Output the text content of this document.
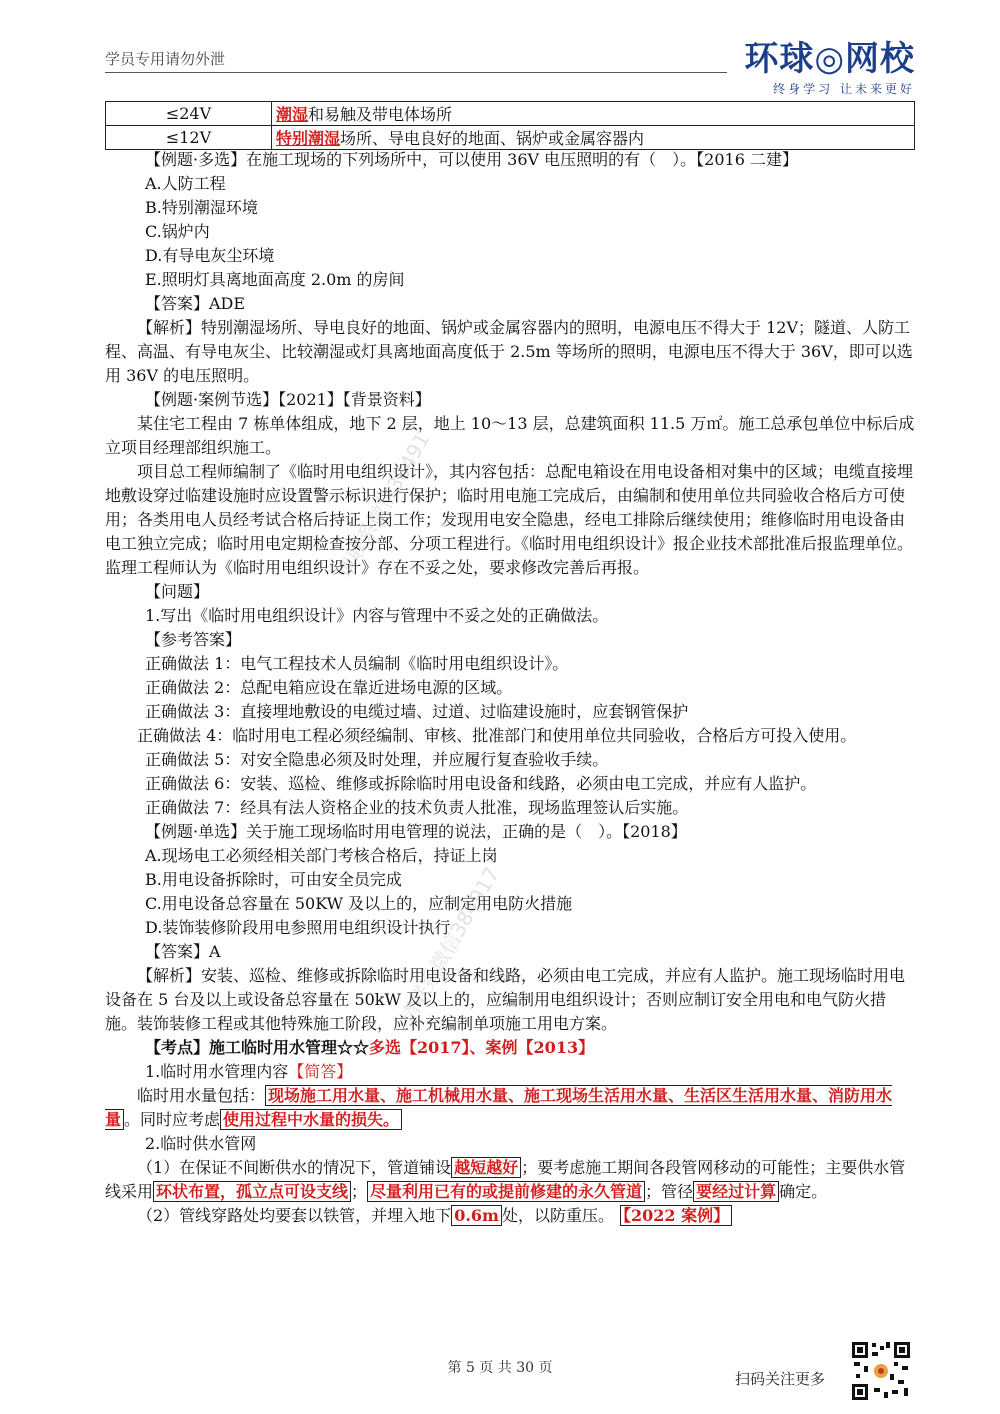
学员专用请勿外泄	环球◎网校
终身学习 让未来更好
≤24V	潮湿和易触及带电体场所
≤12V	特别潮湿场所、导电良好的地面、锅炉或金属容器内

【例题·多选】在施工现场的下列场所中，可以使用 36V 电压照明的有（　）。【2016 二建】

A.人防工程

B.特别潮湿环境

C.锅炉内

D.有导电灰尘环境

E.照明灯具离地面高度 2.0m 的房间

【答案】ADE

【解析】特别潮湿场所、导电良好的地面、锅炉或金属容器内的照明，电源电压不得大于 12V；隧道、人防工程、高温、有导电灰尘、比较潮湿或灯具离地面高度低于 2.5m 等场所的照明，电源电压不得大于 36V，即可以选用 36V 的电压照明。

【例题·案例节选】【2021】【背景资料】

某住宅工程由 7 栋单体组成，地下 2 层，地上 10～13 层，总建筑面积 11.5 万㎡。施工总承包单位中标后成立项目经理部组织施工。

项目总工程师编制了《临时用电组织设计》，其内容包括：总配电箱设在用电设备相对集中的区域；电缆直接埋地敷设穿过临建设施时应设置警示标识进行保护；临时用电施工完成后，由编制和使用单位共同验收合格后方可使用；各类用电人员经考试合格后持证上岗工作；发现用电安全隐患，经电工排除后继续使用；维修临时用电设备由电工独立完成；临时用电定期检查按分部、分项工程进行。《临时用电组织设计》报企业技术部批准后报监理单位。监理工程师认为《临时用电组织设计》存在不妥之处，要求修改完善后再报。

【问题】

1.写出《临时用电组织设计》内容与管理中不妥之处的正确做法。

【参考答案】

正确做法 1：电气工程技术人员编制《临时用电组织设计》。

正确做法 2：总配电箱应设在靠近进场电源的区域。

正确做法 3：直接埋地敷设的电缆过墙、过道、过临建设施时，应套钢管保护

正确做法 4：临时用电工程必须经编制、审核、批准部门和使用单位共同验收，合格后方可投入使用。

正确做法 5：对安全隐患必须及时处理，并应履行复查验收手续。

正确做法 6：安装、巡检、维修或拆除临时用电设备和线路，必须由电工完成，并应有人监护。

正确做法 7：经具有法人资格企业的技术负责人批准，现场监理签认后实施。

【例题·单选】关于施工现场临时用电管理的说法，正确的是（　）。【2018】

A.现场电工必须经相关部门考核合格后，持证上岗

B.用电设备拆除时，可由安全员完成

C.用电设备总容量在 50KW 及以上的，应制定用电防火措施

D.装饰装修阶段用电参照用电组织设计执行

【答案】A

【解析】安装、巡检、维修或拆除临时用电设备和线路，必须由电工完成，并应有人监护。施工现场临时用电设备在 5 台及以上或设备总容量在 50kW 及以上的，应编制用电组织设计；否则应制订安全用电和电气防火措施。装饰装修工程或其他特殊施工阶段，应补充编制单项施工用电方案。

【考点】施工临时用水管理☆☆多选【2017】、案例【2013】

1.临时用水管理内容【简答】

临时用水量包括： 现场施工用水量、施工机械用水量、施工现场生活用水量、生活区生活用水量、消防用水量 。同时应考虑 使用过程中水量的损失。

2.临时供水管网

（1）在保证不间断供水的情况下，管道铺设 越短越好 ；要考虑施工期间各段管网移动的可能性；主要供水管线采用 环状布置，孤立点可设支线 ； 尽量利用已有的或提前修建的永久管道 ；管径 要经过计算 确定。

（2）管线穿路处均要套以铁管，并埋入地下 0.6m 处，以防重压。 【2022 案例】

请联系微信38491
请联系微信384917
第 5 页 共 30 页
扫码关注更多
